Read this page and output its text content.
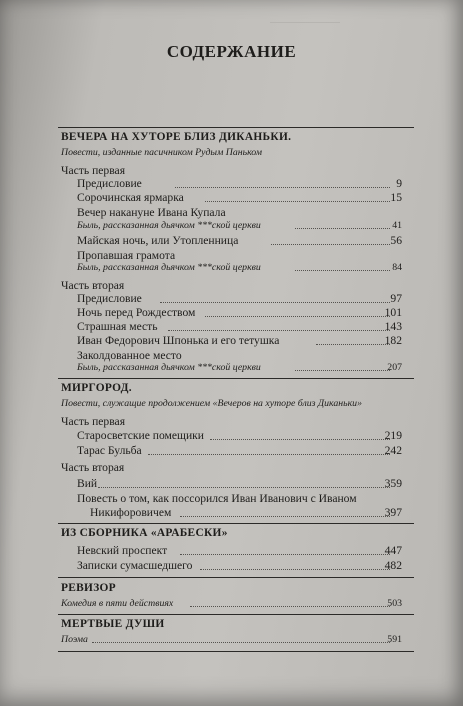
СОДЕРЖАНИЕ
ВЕЧЕРА НА ХУТОРЕ БЛИЗ ДИКАНЬКИ.
Повести, изданные пасичником Рудым Паньком
Часть первая
Предисловие	9
Сорочинская ярмарка	15
Вечер накануне Ивана Купала
Быль, рассказанная дьячком ***ской церкви	41
Майская ночь, или Утопленница	56
Пропавшая грамота
Быль, рассказанная дьячком ***ской церкви	84
Часть вторая
Предисловие	97
Ночь перед Рождеством	101
Страшная месть	143
Иван Федорович Шпонька и его тетушка	182
Заколдованное место
Быль, рассказанная дьячком ***ской церкви	207
МИРГОРОД.
Повести, служащие продолжением «Вечеров на хуторе близ Диканьки»
Часть первая
Старосветские помещики	219
Тарас Бульба	242
Часть вторая
Вий	359
Повесть о том, как поссорился Иван Иванович с Иваном
Никифоровичем	397
ИЗ СБОРНИКА «АРАБЕСКИ»
Невский проспект	447
Записки сумасшедшего	482
РЕВИЗОР
Комедия в пяти действиях	503
МЕРТВЫЕ ДУШИ
Поэма	591
